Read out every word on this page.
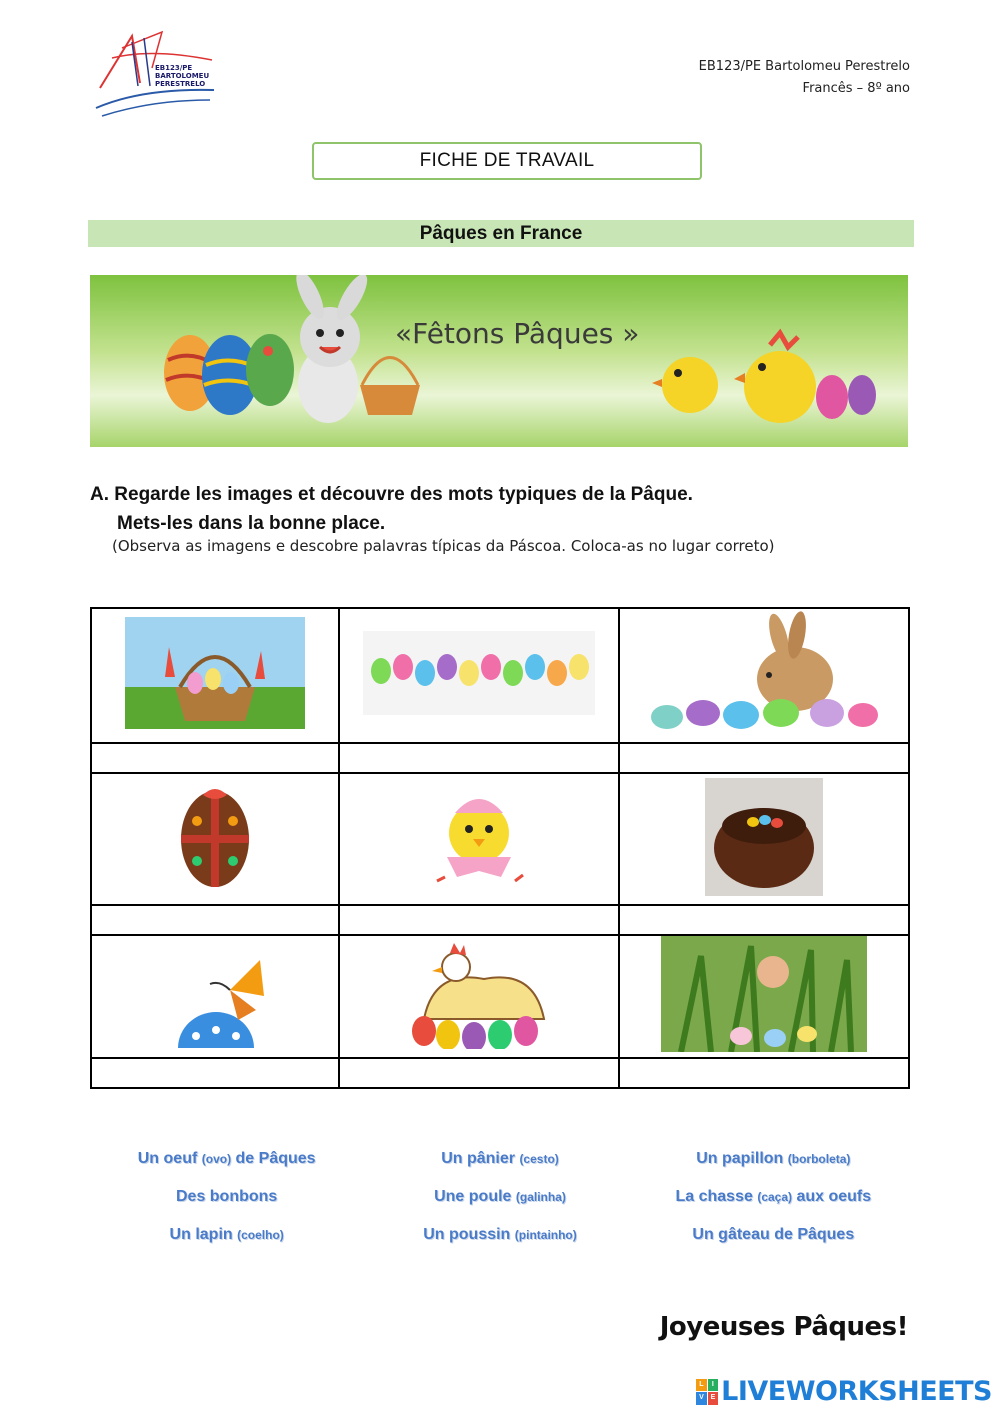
EB123/PE
BARTOLOMEU
PERESTRELO
EB123/PE Bartolomeu Perestrelo
Francês – 8º ano
FICHE DE TRAVAIL
Pâques en France
«Fêtons Pâques »
A. Regarde les images et découvre des mots typiques de la Pâque.
Mets-les dans la bonne place.
(Observa as imagens e descobre palavras típicas da Páscoa. Coloca-as no lugar correto)

Un oeuf (ovo) de Pâques	Un pânier (cesto)	Un papillon (borboleta)
Des bonbons	Une poule (galinha)	La chasse (caça) aux oeufs
Un lapin (coelho)	Un poussin (pintainho)	Un gâteau de Pâques
Joyeuses Pâques!
L	I
V E LIVEWORKSHEETS
